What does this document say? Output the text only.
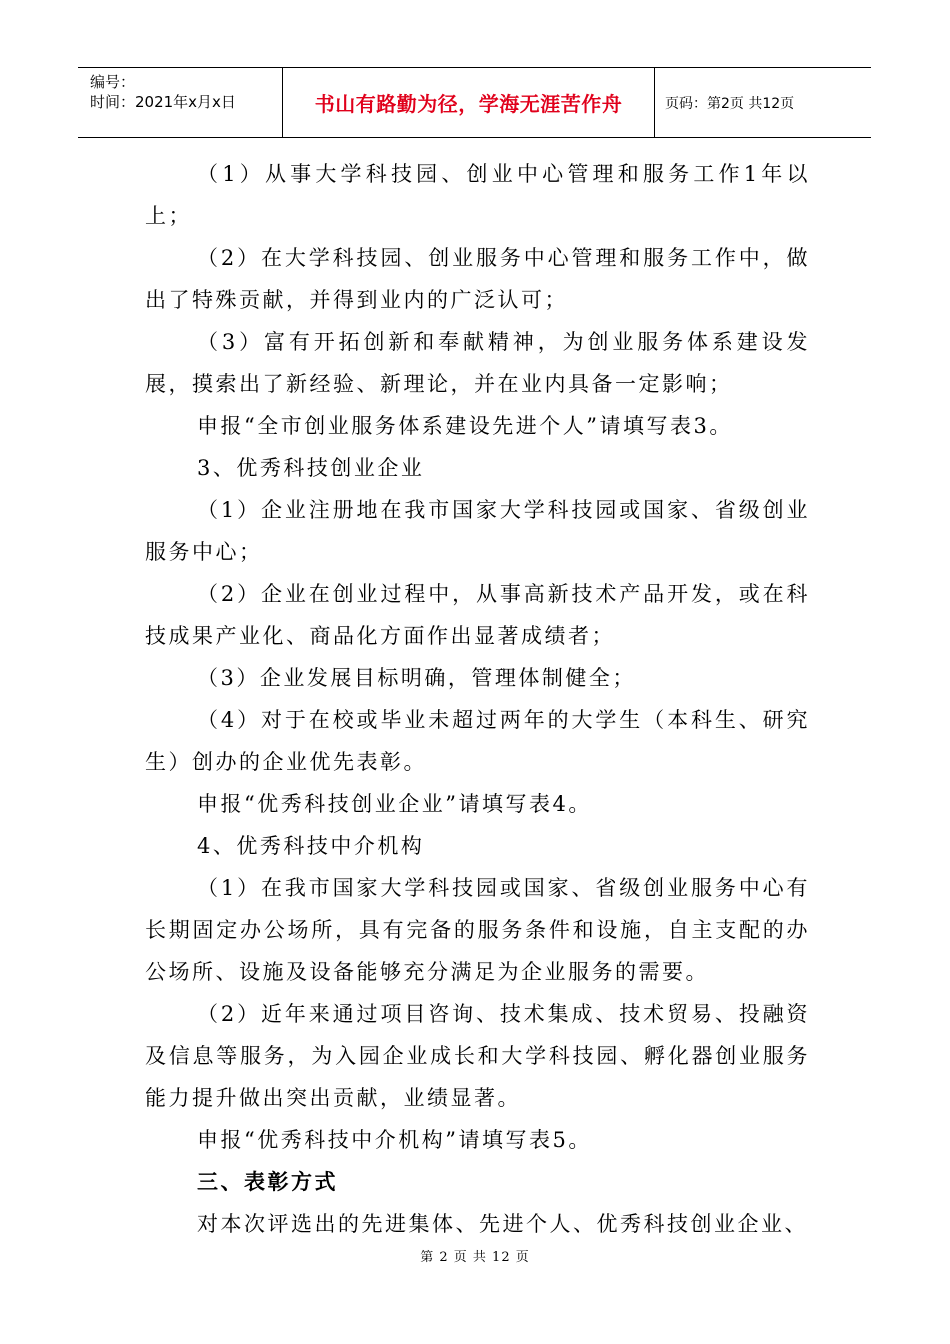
编号：
时间：2021年x月x日	书山有路勤为径，学海无涯苦作舟	页码：第2页 共12页

（1）从事大学科技园、创业中心管理和服务工作1年以上；

（2）在大学科技园、创业服务中心管理和服务工作中，做出了特殊贡献，并得到业内的广泛认可；

（3）富有开拓创新和奉献精神，为创业服务体系建设发展，摸索出了新经验、新理论，并在业内具备一定影响；

申报“全市创业服务体系建设先进个人”请填写表3。

3、优秀科技创业企业

（1）企业注册地在我市国家大学科技园或国家、省级创业服务中心；

（2）企业在创业过程中，从事高新技术产品开发，或在科技成果产业化、商品化方面作出显著成绩者；

（3）企业发展目标明确，管理体制健全；

（4）对于在校或毕业未超过两年的大学生（本科生、研究生）创办的企业优先表彰。

申报“优秀科技创业企业”请填写表4。

4、优秀科技中介机构

（1）在我市国家大学科技园或国家、省级创业服务中心有长期固定办公场所，具有完备的服务条件和设施，自主支配的办公场所、设施及设备能够充分满足为企业服务的需要。

（2）近年来通过项目咨询、技术集成、技术贸易、投融资及信息等服务，为入园企业成长和大学科技园、孵化器创业服务能力提升做出突出贡献，业绩显著。

申报“优秀科技中介机构”请填写表5。

三、表彰方式

对本次评选出的先进集体、先进个人、优秀科技创业企业、

第 2 页 共 12 页
